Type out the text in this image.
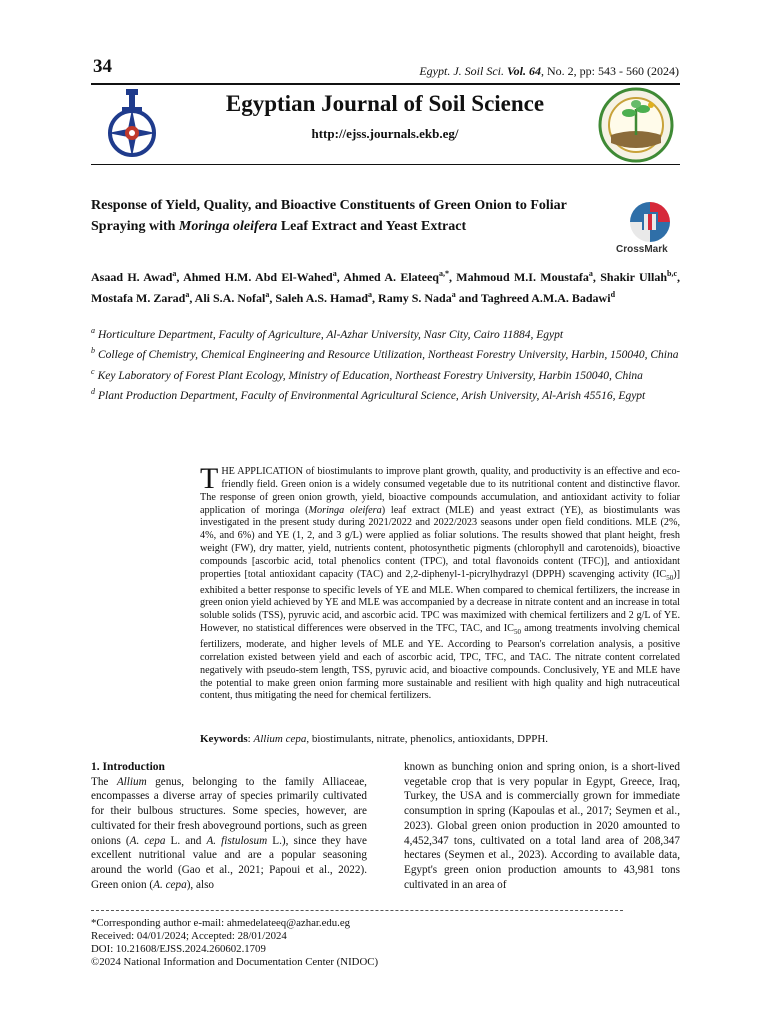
34	Egypt. J. Soil Sci. Vol. 64, No. 2, pp: 543 - 560 (2024)
Egyptian Journal of Soil Science
http://ejss.journals.ekb.eg/
Response of Yield, Quality, and Bioactive Constituents of Green Onion to Foliar Spraying with Moringa oleifera Leaf Extract and Yeast Extract
CrossMark
Asaad H. Awad$^a$, Ahmed H.M. Abd El-Wahed$^a$, Ahmed A. Elateeq$^{a,*}$, Mahmoud M.I. Moustafa$^a$, Shakir Ullah$^{b,c}$, Mostafa M. Zarad$^a$, Ali S.A. Nofal$^a$, Saleh A.S. Hamad$^a$, Ramy S. Nada$^a$ and Taghreed A.M.A. Badawi$^d$
$^a$ Horticulture Department, Faculty of Agriculture, Al-Azhar University, Nasr City, Cairo 11884, Egypt
$^b$ College of Chemistry, Chemical Engineering and Resource Utilization, Northeast Forestry University, Harbin, 150040, China
$^c$ Key Laboratory of Forest Plant Ecology, Ministry of Education, Northeast Forestry University, Harbin 150040, China
$^d$ Plant Production Department, Faculty of Environmental Agricultural Science, Arish University, Al-Arish 45516, Egypt
THE APPLICATION of biostimulants to improve plant growth, quality, and productivity is an effective and eco-friendly field. Green onion is a widely consumed vegetable due to its nutritional content and distinctive flavor. The response of green onion growth, yield, bioactive compounds accumulation, and antioxidant activity to foliar application of moringa (Moringa oleifera) leaf extract (MLE) and yeast extract (YE), as biostimulants was investigated in the present study during 2021/2022 and 2022/2023 seasons under open field conditions. MLE (2%, 4%, and 6%) and YE (1, 2, and 3 g/L) were applied as foliar solutions. The results showed that plant height, fresh weight (FW), dry matter, yield, nutrients content, photosynthetic pigments (chlorophyll and carotenoids), bioactive compounds [ascorbic acid, total phenolics content (TPC), and total flavonoids content (TFC)], and antioxidant properties [total antioxidant capacity (TAC) and 2,2-diphenyl-1-picrylhydrazyl (DPPH) scavenging activity $(IC_{50})$] exhibited a better response to specific levels of YE and MLE. When compared to chemical fertilizers, the increase in green onion yield achieved by YE and MLE was accompanied by a decrease in nitrate content and an increase in total soluble solids (TSS), pyruvic acid, and ascorbic acid. TPC was maximized with chemical fertilizers and 2 g/L of YE. However, no statistical differences were observed in the TFC, TAC, and $IC_{50}$ among treatments involving chemical fertilizers, moderate, and higher levels of MLE and YE. According to Pearson's correlation analysis, a positive correlation existed between yield and each of ascorbic acid, TPC, TFC, and TAC. The nitrate content correlated negatively with pseudo-stem length, TSS, pyruvic acid, and bioactive compounds. Conclusively, YE and MLE have the potential to make green onion farming more sustainable and resilient with high quality and high nutraceutical content, thus mitigating the need for chemical fertilizers.
Keywords: Allium cepa, biostimulants, nitrate, phenolics, antioxidants, DPPH.
1. Introduction
The Allium genus, belonging to the family Alliaceae, encompasses a diverse array of species primarily cultivated for their bulbous structures. Some species, however, are cultivated for their fresh aboveground portions, such as green onions (A. cepa L. and A. fistulosum L.), since they have excellent nutritional value and are a popular seasoning around the world (Gao et al., 2021; Papoui et al., 2022). Green onion (A. cepa), also
known as bunching onion and spring onion, is a short-lived vegetable crop that is very popular in Egypt, Greece, Iraq, Turkey, the USA and is commercially grown for immediate consumption in spring (Kapoulas et al., 2017; Seymen et al., 2023). Global green onion production in 2020 amounted to 4,452,347 tons, cultivated on a total land area of 208,347 hectares (Seymen et al., 2023). According to available data, Egypt's green onion production amounts to 43,981 tons cultivated in an area of
*Corresponding author e-mail: ahmedelateeq@azhar.edu.eg
Received: 04/01/2024; Accepted: 28/01/2024
DOI: 10.21608/EJSS.2024.260602.1709
©2024 National Information and Documentation Center (NIDOC)
